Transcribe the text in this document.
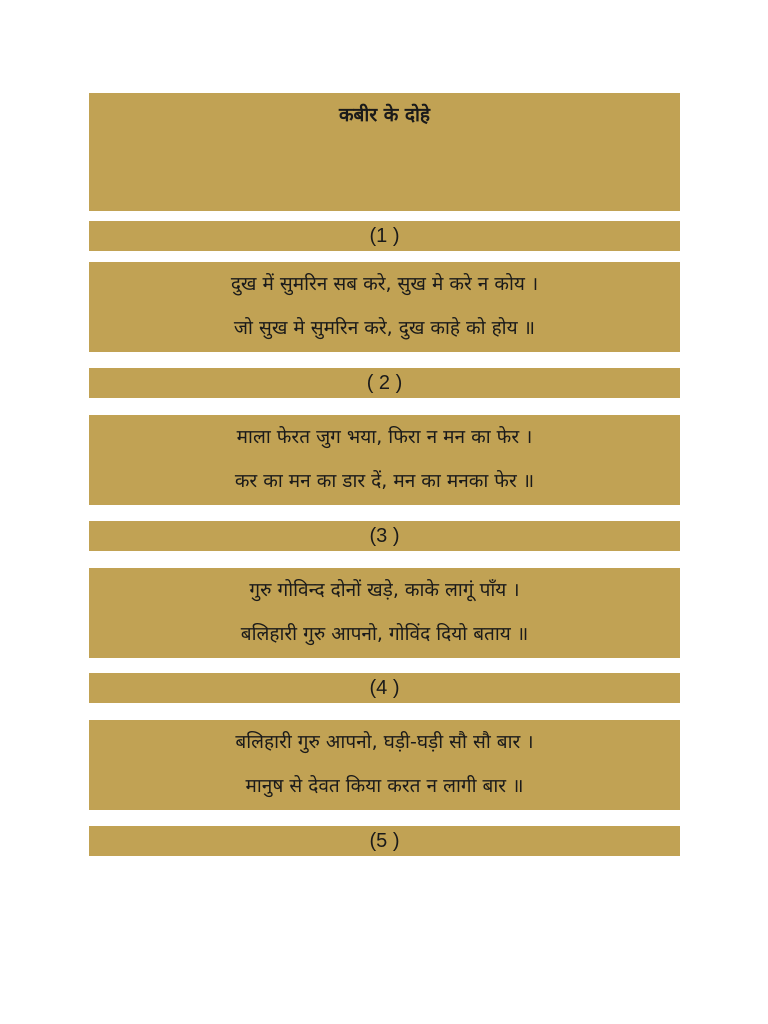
कबीर के दोहे
(1 )
दुख में सुमरिन सब करे, सुख मे करे न कोय ।
जो सुख मे सुमरिन करे, दुख काहे को होय ॥
( 2 )
माला फेरत जुग भया, फिरा न मन का फेर ।
कर का मन का डार दें, मन का मनका फेर ॥
(3 )
गुरु गोविन्द दोनों खड़े, काके लागूं पाँय ।
बलिहारी गुरु आपनो, गोविंद दियो बताय ॥
(4 )
बलिहारी गुरु आपनो, घड़ी-घड़ी सौ सौ बार ।
मानुष से देवत किया करत न लागी बार ॥
(5 )
